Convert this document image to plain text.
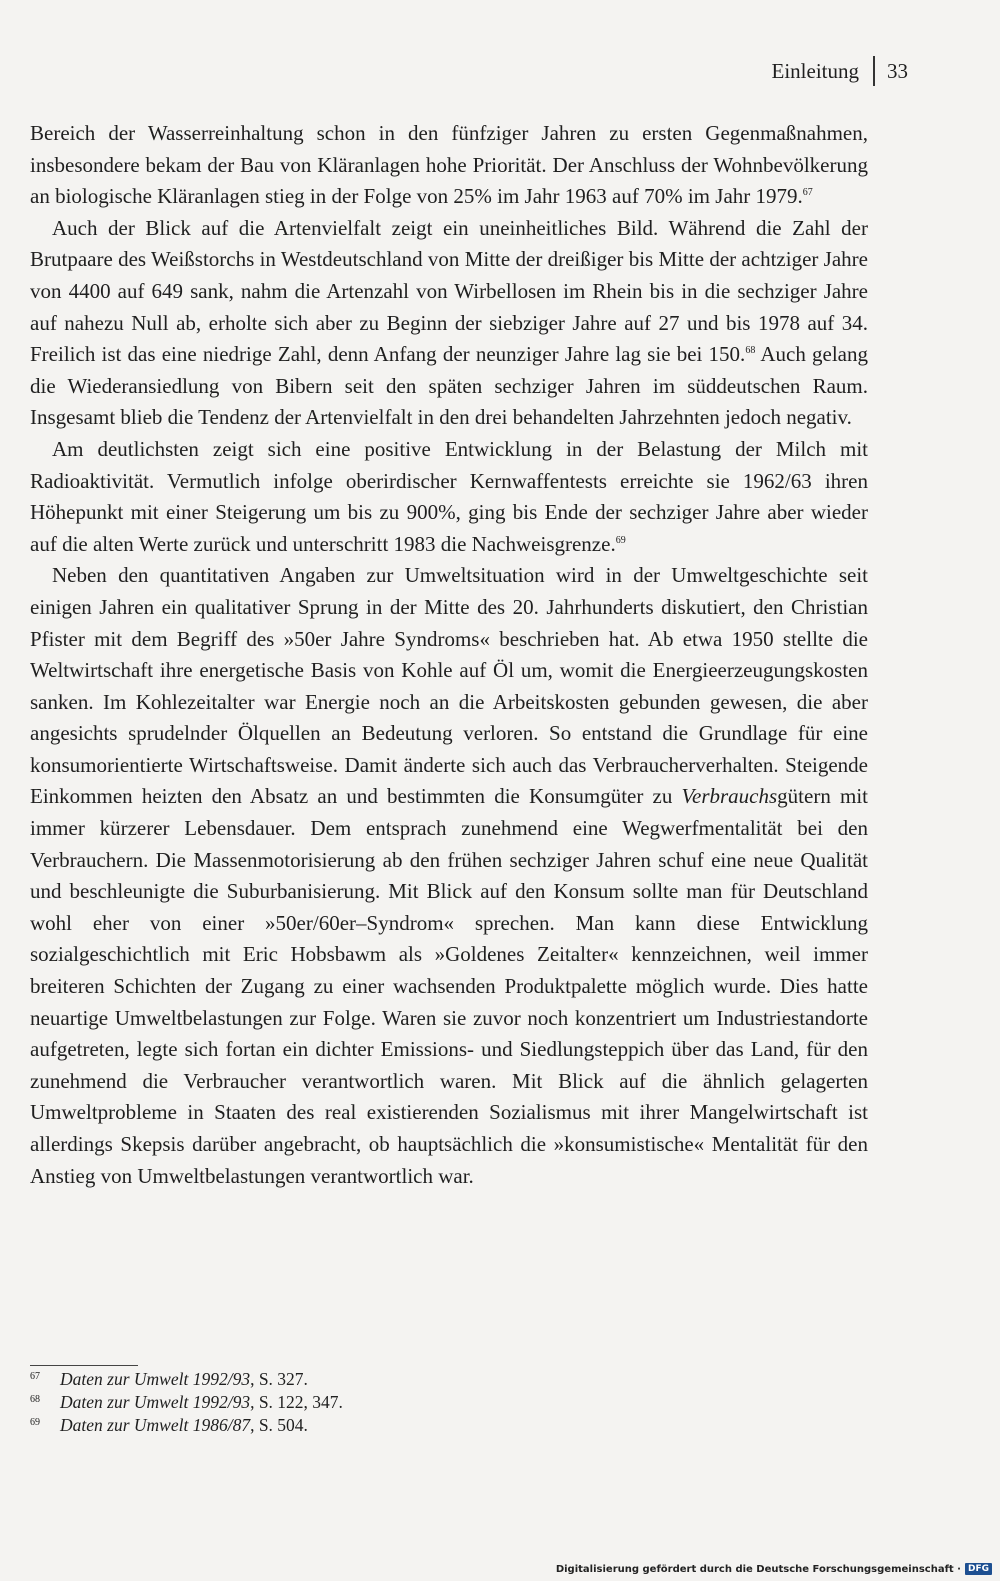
Einleitung 33

Bereich der Wasserreinhaltung schon in den fünfziger Jahren zu ersten Gegenmaßnahmen, insbesondere bekam der Bau von Kläranlagen hohe Priorität. Der Anschluss der Wohnbevölkerung an biologische Kläranlagen stieg in der Folge von 25% im Jahr 1963 auf 70% im Jahr 1979.67

Auch der Blick auf die Artenvielfalt zeigt ein uneinheitliches Bild. Während die Zahl der Brutpaare des Weißstorchs in Westdeutschland von Mitte der dreißiger bis Mitte der achtziger Jahre von 4400 auf 649 sank, nahm die Artenzahl von Wirbellosen im Rhein bis in die sechziger Jahre auf nahezu Null ab, erholte sich aber zu Beginn der siebziger Jahre auf 27 und bis 1978 auf 34. Freilich ist das eine niedrige Zahl, denn Anfang der neunziger Jahre lag sie bei 150.68 Auch gelang die Wiederansiedlung von Bibern seit den späten sechziger Jahren im süddeutschen Raum. Insgesamt blieb die Tendenz der Artenvielfalt in den drei behandelten Jahrzehnten jedoch negativ.

Am deutlichsten zeigt sich eine positive Entwicklung in der Belastung der Milch mit Radioaktivität. Vermutlich infolge oberirdischer Kernwaffentests erreichte sie 1962/63 ihren Höhepunkt mit einer Steigerung um bis zu 900%, ging bis Ende der sechziger Jahre aber wieder auf die alten Werte zurück und unterschritt 1983 die Nachweisgrenze.$^{69}$

Neben den quantitativen Angaben zur Umweltsituation wird in der Umweltgeschichte seit einigen Jahren ein qualitativer Sprung in der Mitte des 20. Jahrhunderts diskutiert, den Christian Pfister mit dem Begriff des »50er Jahre Syndroms« beschrieben hat. Ab etwa 1950 stellte die Weltwirtschaft ihre energetische Basis von Kohle auf Öl um, womit die Energieerzeugungskosten sanken. Im Kohlezeitalter war Energie noch an die Arbeitskosten gebunden gewesen, die aber angesichts sprudelnder Ölquellen an Bedeutung verloren. So entstand die Grundlage für eine konsumorientierte Wirtschaftsweise. Damit änderte sich auch das Verbraucherverhalten. Steigende Einkommen heizten den Absatz an und bestimmten die Konsumgüter zu Verbrauchsgütern mit immer kürzerer Lebensdauer. Dem entsprach zunehmend eine Wegwerfmentalität bei den Verbrauchern. Die Massenmotorisierung ab den frühen sechziger Jahren schuf eine neue Qualität und beschleunigte die Suburbanisierung. Mit Blick auf den Konsum sollte man für Deutschland wohl eher von einer »50er/60er–Syndrom« sprechen. Man kann diese Entwicklung sozialgeschichtlich mit Eric Hobsbawm als »Goldenes Zeitalter« kennzeichnen, weil immer breiteren Schichten der Zugang zu einer wachsenden Produktpalette möglich wurde. Dies hatte neuartige Umweltbelastungen zur Folge. Waren sie zuvor noch konzentriert um Industriestandorte aufgetreten, legte sich fortan ein dichter Emissions- und Siedlungsteppich über das Land, für den zunehmend die Verbraucher verantwortlich waren. Mit Blick auf die ähnlich gelagerten Umweltprobleme in Staaten des real existierenden Sozialismus mit ihrer Mangelwirtschaft ist allerdings Skepsis darüber angebracht, ob hauptsächlich die »konsumistische« Mentalität für den Anstieg von Umweltbelastungen verantwortlich war.

67	Daten zur Umwelt 1992/93, S. 327.
68	Daten zur Umwelt 1992/93, S. 122, 347.
69	Daten zur Umwelt 1986/87, S. 504.
Digitalisierung gefördert durch die Deutsche Forschungsgemeinschaft · DFG
